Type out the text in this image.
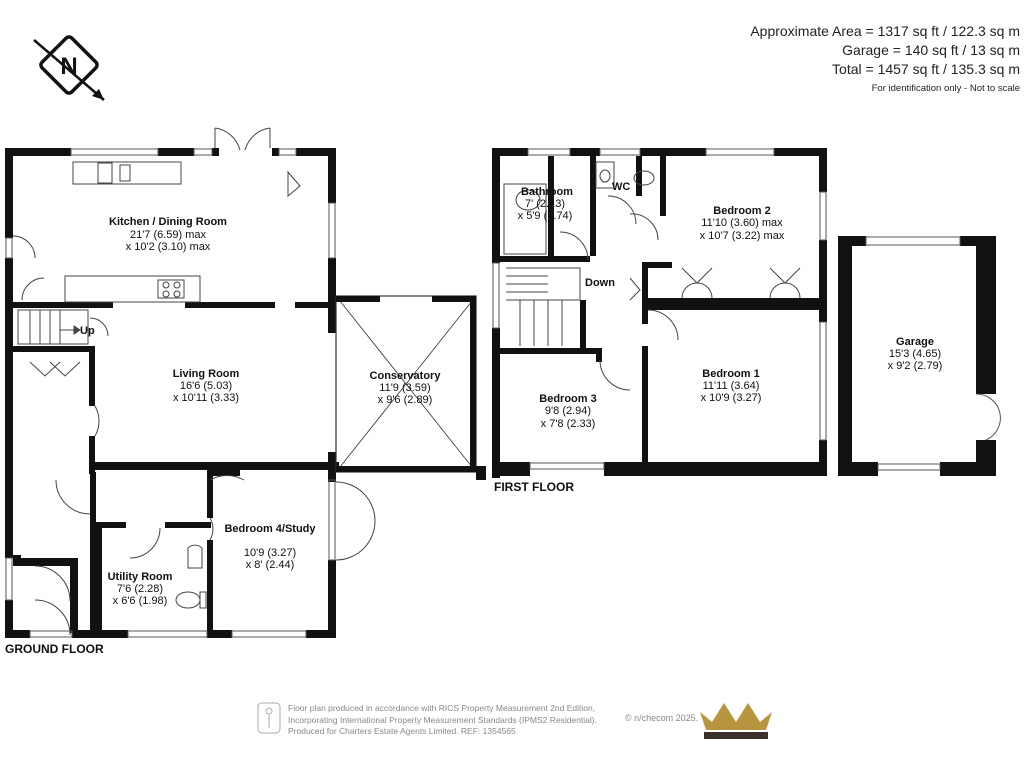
Approximate Area = 1317 sq ft / 122.3 sq m
Garage = 140 sq ft / 13 sq m
Total = 1457 sq ft / 135.3 sq m
For identification only - Not to scale
N
Kitchen / Dining Room
21'7 (6.59) max
x 10'2 (3.10) max
Living Room
16'6 (5.03)
x 10'11 (3.33)
Conservatory
11'9 (3.59)
x 9'6 (2.89)
Bedroom 4/Study
10'9 (3.27)
x 8' (2.44)
Utility Room
7'6 (2.28)
x 6'6 (1.98)
Up
Bathroom
7' (2.13)
x 5'9 (1.74)
WC
Bedroom 2
11'10 (3.60) max
x 10'7 (3.22) max
Down
Bedroom 1
11'11 (3.64)
x 10'9 (3.27)
Bedroom 3
9'8 (2.94)
x 7'8 (2.33)
Garage
15'3 (4.65)
x 9'2 (2.79)
GROUND FLOOR
FIRST FLOOR
Floor plan produced in accordance with RICS Property Measurement 2nd Edition,
Incorporating International Property Measurement Standards (IPMS2 Residential).
Produced for Charters Estate Agents Limited. REF: 1354565
© n/checom 2025.
